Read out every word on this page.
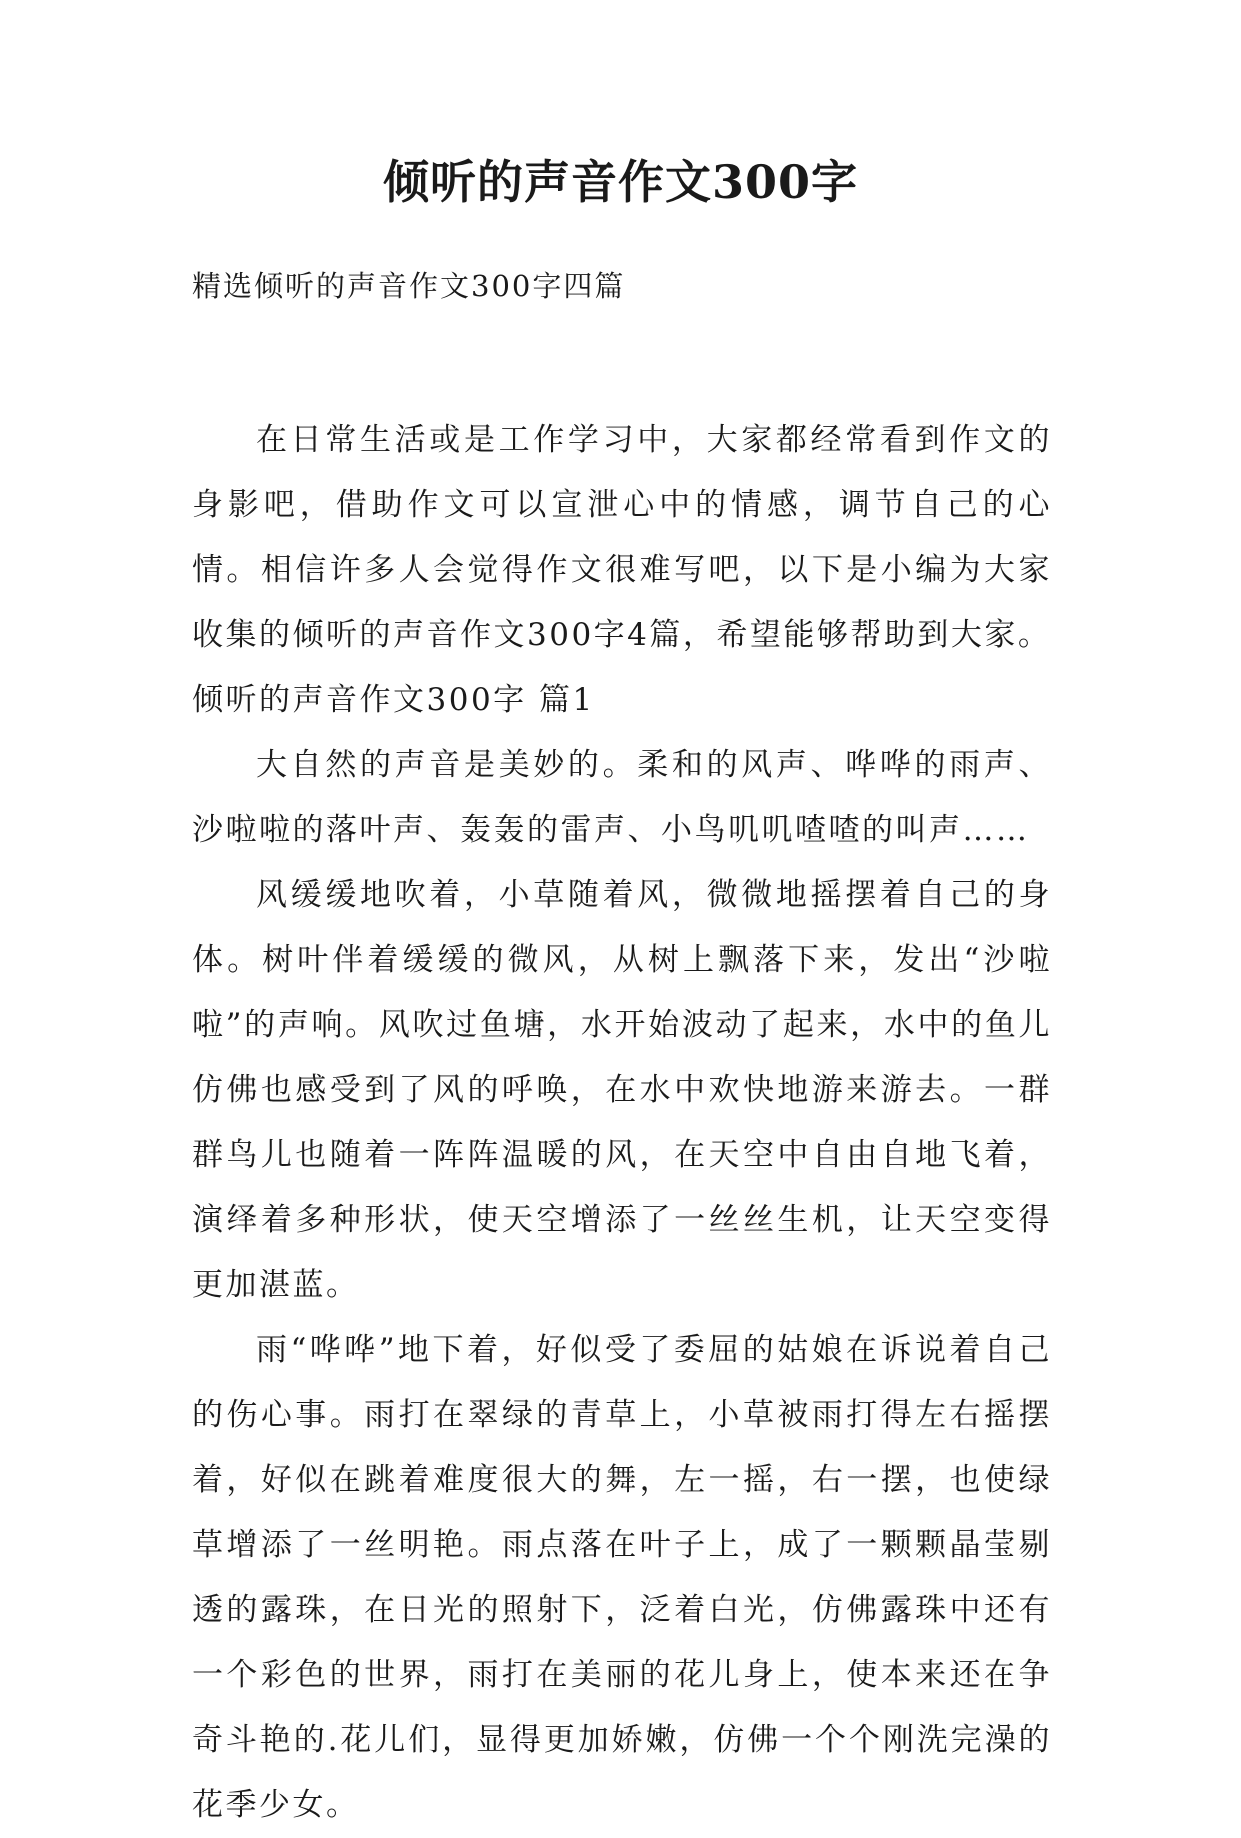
倾听的声音作文300字

精选倾听的声音作文300字四篇

在日常生活或是工作学习中，大家都经常看到作文的身影吧，借助作文可以宣泄心中的情感，调节自己的心情。相信许多人会觉得作文很难写吧，以下是小编为大家收集的倾听的声音作文300字4篇，希望能够帮助到大家。

倾听的声音作文300字 篇1

大自然的声音是美妙的。柔和的风声、哗哗的雨声、沙啦啦的落叶声、轰轰的雷声、小鸟叽叽喳喳的叫声……

风缓缓地吹着，小草随着风，微微地摇摆着自己的身体。树叶伴着缓缓的微风，从树上飘落下来，发出“沙啦啦”的声响。风吹过鱼塘，水开始波动了起来，水中的鱼儿仿佛也感受到了风的呼唤，在水中欢快地游来游去。一群群鸟儿也随着一阵阵温暖的风，在天空中自由自地飞着，演绎着多种形状，使天空增添了一丝丝生机，让天空变得更加湛蓝。

雨“哗哗”地下着，好似受了委屈的姑娘在诉说着自己的伤心事。雨打在翠绿的青草上，小草被雨打得左右摇摆着，好似在跳着难度很大的舞，左一摇，右一摆，也使绿草增添了一丝明艳。雨点落在叶子上，成了一颗颗晶莹剔透的露珠，在日光的照射下，泛着白光，仿佛露珠中还有一个彩色的世界，雨打在美丽的花儿身上，使本来还在争奇斗艳的.花儿们，显得更加娇嫩，仿佛一个个刚洗完澡的花季少女。
